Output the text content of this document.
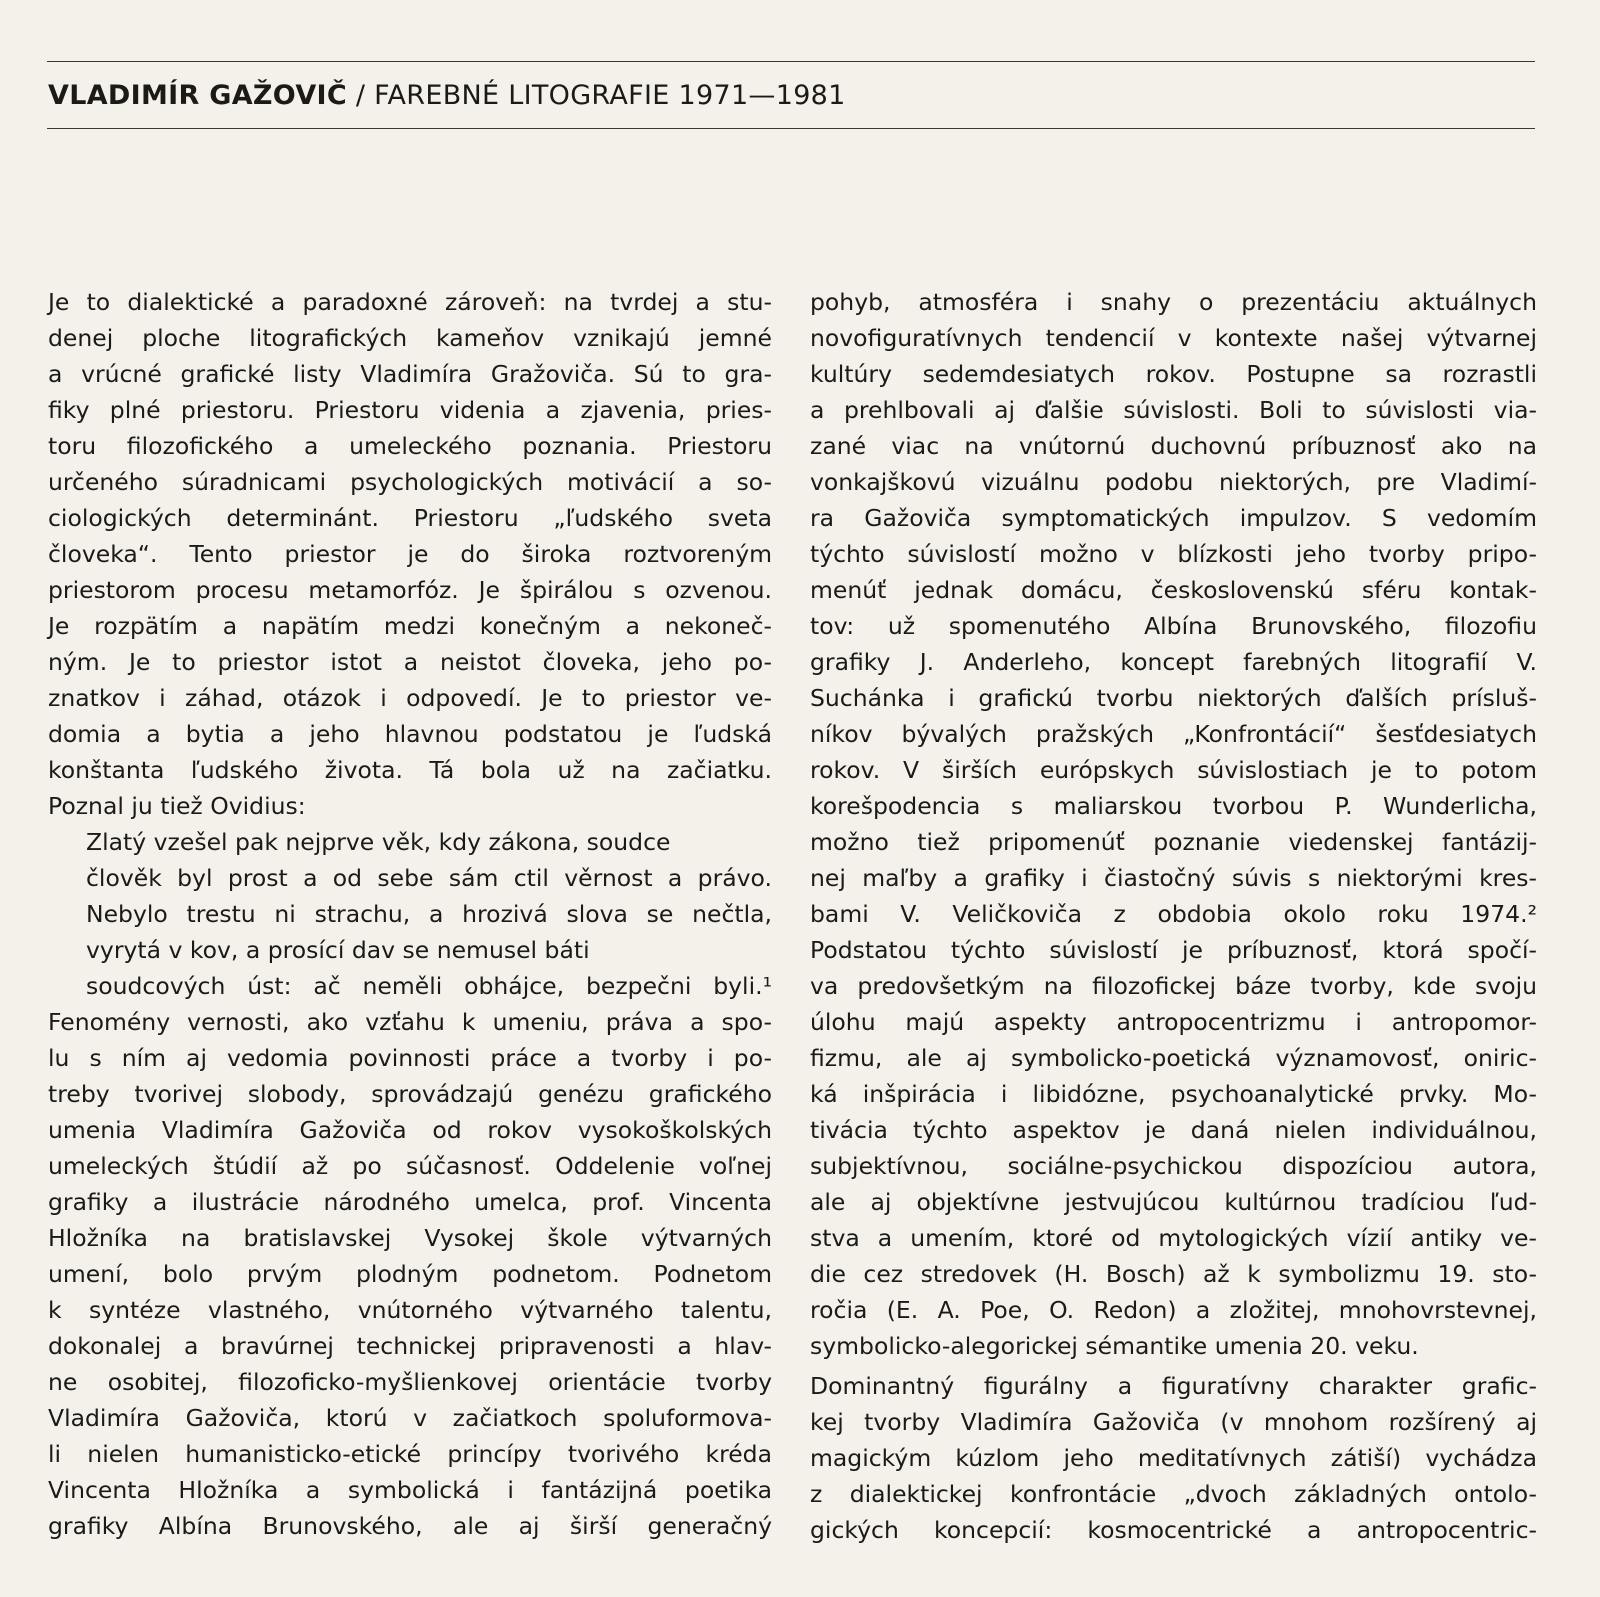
VLADIMÍR GAŽOVIČ / FAREBNÉ LITOGRAFIE 1971—1981
Je to dialektické a paradoxné zároveň: na tvrdej a stu-
denej ploche litografických kameňov vznikajú jemné
a vrúcné grafické listy Vladimíra Gražoviča. Sú to gra-
fiky plné priestoru. Priestoru videnia a zjavenia, pries-
toru filozofického a umeleckého poznania. Priestoru
určeného súradnicami psychologických motivácií a so-
ciologických determinánt. Priestoru „ľudského sveta
človeka“. Tento priestor je do široka roztvoreným
priestorom procesu metamorfóz. Je špirálou s ozvenou.
Je rozpätím a napätím medzi konečným a nekoneč-
ným. Je to priestor istot a neistot človeka, jeho po-
znatkov i záhad, otázok i odpovedí. Je to priestor ve-
domia a bytia a jeho hlavnou podstatou je ľudská
konštanta ľudského života. Tá bola už na začiatku.
Poznal ju tiež Ovidius:
Zlatý vzešel pak nejprve věk, kdy zákona, soudce
člověk byl prost a od sebe sám ctil věrnost a právo.
Nebylo trestu ni strachu, a hrozivá slova se nečtla,
vyrytá v kov, a prosící dav se nemusel báti
soudcových úst: ač neměli obhájce, bezpečni byli.¹
Fenomény vernosti, ako vzťahu k umeniu, práva a spo-
lu s ním aj vedomia povinnosti práce a tvorby i po-
treby tvorivej slobody, sprovádzajú genézu grafického
umenia Vladimíra Gažoviča od rokov vysokoškolských
umeleckých štúdií až po súčasnosť. Oddelenie voľnej
grafiky a ilustrácie národného umelca, prof. Vincenta
Hložníka na bratislavskej Vysokej škole výtvarných
umení, bolo prvým plodným podnetom. Podnetom
k syntéze vlastného, vnútorného výtvarného talentu,
dokonalej a bravúrnej technickej pripravenosti a hlav-
ne osobitej, filozoficko-myšlienkovej orientácie tvorby
Vladimíra Gažoviča, ktorú v začiatkoch spoluformova-
li nielen humanisticko-etické princípy tvorivého kréda
Vincenta Hložníka a symbolická i fantázijná poetika
grafiky Albína Brunovského, ale aj širší generačný
pohyb, atmosféra i snahy o prezentáciu aktuálnych
novofiguratívnych tendencií v kontexte našej výtvarnej
kultúry sedemdesiatych rokov. Postupne sa rozrastli
a prehlbovali aj ďalšie súvislosti. Boli to súvislosti via-
zané viac na vnútornú duchovnú príbuznosť ako na
vonkajškovú vizuálnu podobu niektorých, pre Vladimí-
ra Gažoviča symptomatických impulzov. S vedomím
týchto súvislostí možno v blízkosti jeho tvorby pripo-
menúť jednak domácu, československú sféru kontak-
tov: už spomenutého Albína Brunovského, filozofiu
grafiky J. Anderleho, koncept farebných litografií V.
Suchánka i grafickú tvorbu niektorých ďalších prísluš-
níkov bývalých pražských „Konfrontácií“ šesťdesiatych
rokov. V širších európskych súvislostiach je to potom
korešpodencia s maliarskou tvorbou P. Wunderlicha,
možno tiež pripomenúť poznanie viedenskej fantázij-
nej maľby a grafiky i čiastočný súvis s niektorými kres-
bami V. Veličkoviča z obdobia okolo roku 1974.²
Podstatou týchto súvislostí je príbuznosť, ktorá spočí-
va predovšetkým na filozofickej báze tvorby, kde svoju
úlohu majú aspekty antropocentrizmu i antropomor-
fizmu, ale aj symbolicko-poetická významovosť, oniric-
ká inšpirácia i libidózne, psychoanalytické prvky. Mo-
tivácia týchto aspektov je daná nielen individuálnou,
subjektívnou, sociálne-psychickou dispozíciou autora,
ale aj objektívne jestvujúcou kultúrnou tradíciou ľud-
stva a umením, ktoré od mytologických vízií antiky ve-
die cez stredovek (H. Bosch) až k symbolizmu 19. sto-
ročia (E. A. Poe, O. Redon) a zložitej, mnohovrstevnej,
symbolicko-alegorickej sémantike umenia 20. veku.
Dominantný figurálny a figuratívny charakter grafic-
kej tvorby Vladimíra Gažoviča (v mnohom rozšírený aj
magickým kúzlom jeho meditatívnych zátiší) vychádza
z dialektickej konfrontácie „dvoch základných ontolo-
gických koncepcií: kosmocentrické a antropocentric-
